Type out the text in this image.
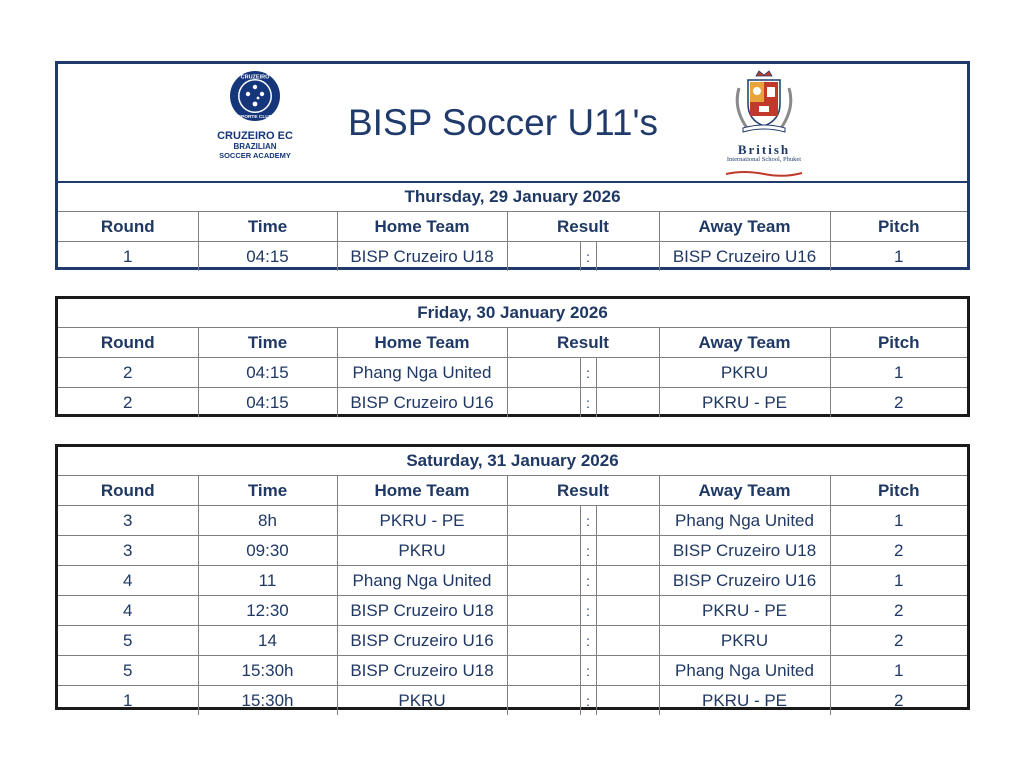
CRUZEIRO
ESPORTE CLUBE
CRUZEIRO EC
BRAZILIAN
SOCCER ACADEMY
BISP Soccer U11's
British
International School, Phuket
Thursday, 29 January 2026							
Round	Time	Home Team	Result			Away Team	Pitch
1	04:15	BISP Cruzeiro U18		:		BISP Cruzeiro U16	1
Friday, 30 January 2026							
Round	Time	Home Team	Result			Away Team	Pitch
2	04:15	Phang Nga United		:		PKRU	1
2	04:15	BISP Cruzeiro U16		:		PKRU - PE	2
Saturday, 31 January 2026							
Round	Time	Home Team	Result			Away Team	Pitch
3	8h	PKRU - PE		:		Phang Nga United	1
3	09:30	PKRU		:		BISP Cruzeiro U18	2
4	11	Phang Nga United		:		BISP Cruzeiro U16	1
4	12:30	BISP Cruzeiro U18		:		PKRU - PE	2
5	14	BISP Cruzeiro U16		:		PKRU	2
5	15:30h	BISP Cruzeiro U18		:		Phang Nga United	1
1	15:30h	PKRU		:		PKRU - PE	2
